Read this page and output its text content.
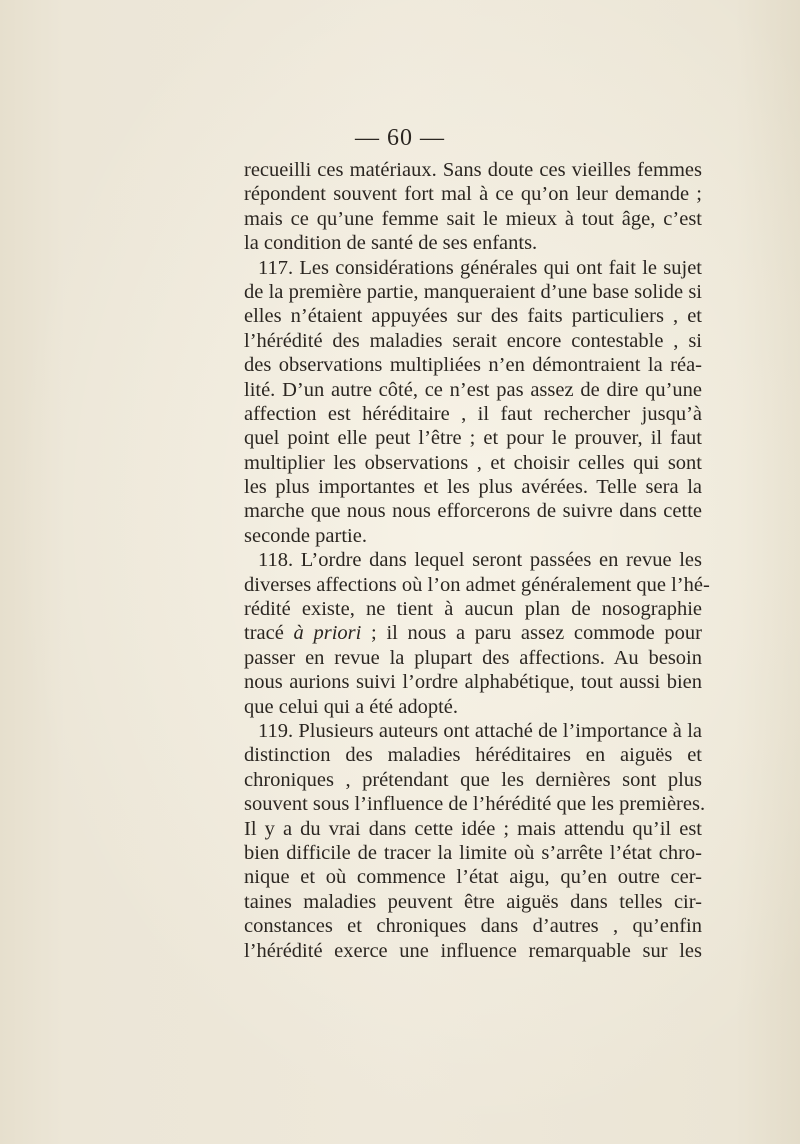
— 60 —
recueilli ces matériaux. Sans doute ces vieilles femmes
répondent souvent fort mal à ce qu’on leur demande ;
mais ce qu’une femme sait le mieux à tout âge, c’est
la condition de santé de ses enfants.
117. Les considérations générales qui ont fait le sujet
de la première partie, manqueraient d’une base solide si
elles n’étaient appuyées sur des faits particuliers , et
l’hérédité des maladies serait encore contestable , si
des observations multipliées n’en démontraient la réa-
lité. D’un autre côté, ce n’est pas assez de dire qu’une
affection est héréditaire , il faut rechercher jusqu’à
quel point elle peut l’être ; et pour le prouver, il faut
multiplier les observations , et choisir celles qui sont
les plus importantes et les plus avérées. Telle sera la
marche que nous nous efforcerons de suivre dans cette
seconde partie.
118. L’ordre dans lequel seront passées en revue les
diverses affections où l’on admet généralement que l’hé-
rédité existe, ne tient à aucun plan de nosographie
tracé à priori ; il nous a paru assez commode pour
passer en revue la plupart des affections. Au besoin
nous aurions suivi l’ordre alphabétique, tout aussi bien
que celui qui a été adopté.
119. Plusieurs auteurs ont attaché de l’importance à la
distinction des maladies héréditaires en aiguës et
chroniques , prétendant que les dernières sont plus
souvent sous l’influence de l’hérédité que les premières.
Il y a du vrai dans cette idée ; mais attendu qu’il est
bien difficile de tracer la limite où s’arrête l’état chro-
nique et où commence l’état aigu, qu’en outre cer-
taines maladies peuvent être aiguës dans telles cir-
constances et chroniques dans d’autres , qu’enfin
l’hérédité exerce une influence remarquable sur les
